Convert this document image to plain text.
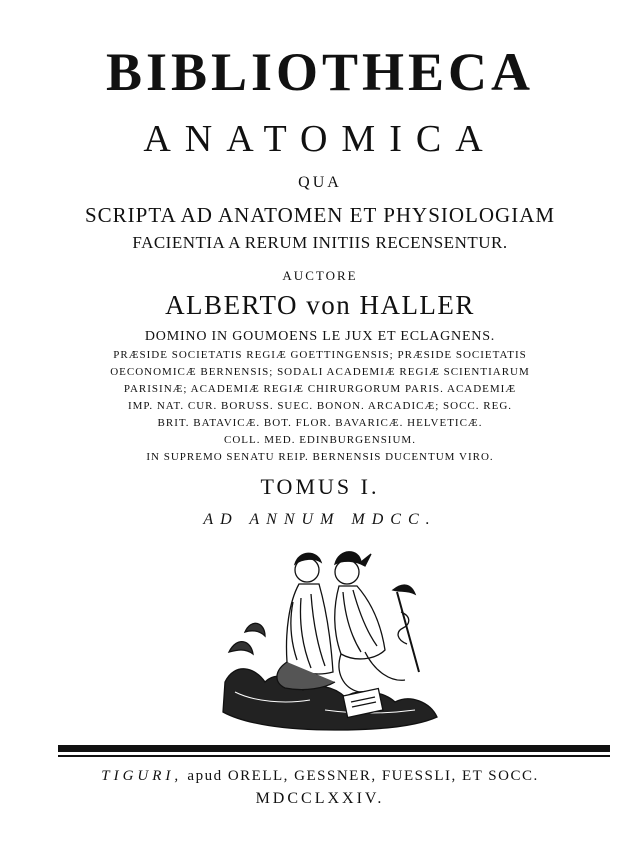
BIBLIOTHECA
ANATOMICA
QUA
SCRIPTA AD ANATOMEN ET PHYSIOLOGIAM
FACIENTIA A RERUM INITIIS RECENSENTUR.
AUCTORE
ALBERTO von HALLER
DOMINO IN GOUMOENS LE JUX ET ECLAGNENS.
PRÆSIDE SOCIETATIS REGIÆ GOETTINGENSIS; PRÆSIDE SOCIETATIS
OECONOMICÆ BERNENSIS; SODALI ACADEMIÆ REGIÆ SCIENTIARUM
PARISINÆ; ACADEMIÆ REGIÆ CHIRURGORUM PARIS. ACADEMIÆ
IMP. NAT. CUR. BORUSS. SUEC. BONON. ARCADICÆ; SOCC. REG.
BRIT. BATAVICÆ. BOT. FLOR. BAVARICÆ. HELVETICÆ.
COLL. MED. EDINBURGENSIUM.
IN SUPREMO SENATU REIP. BERNENSIS DUCENTUM VIRO.
TOMUS I.
AD ANNUM MDCC.
TIGURI, apud ORELL, GESSNER, FUESSLI, ET SOCC.
MDCCLXXIV.
